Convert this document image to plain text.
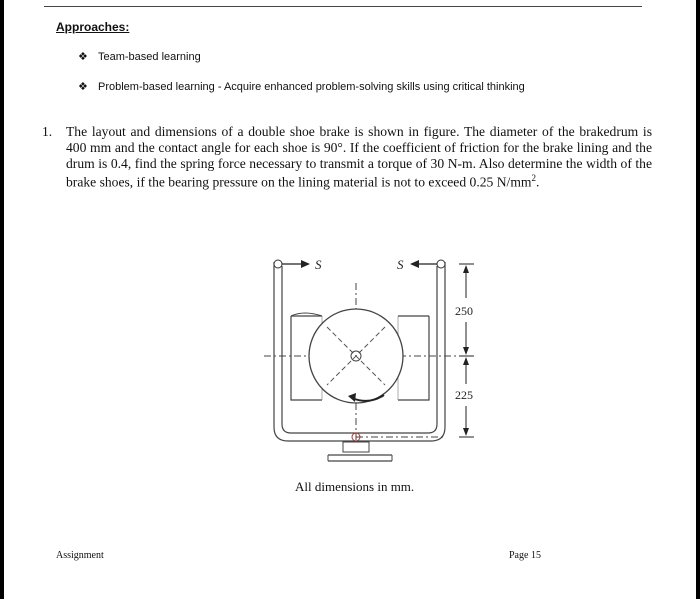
Approaches:
❖ Team-based learning
❖ Problem-based learning - Acquire enhanced problem-solving skills using critical thinking
1. The layout and dimensions of a double shoe brake is shown in figure. The diameter of the brakedrum is 400 mm and the contact angle for each shoe is 90°. If the coefficient of friction for the brake lining and the drum is 0.4, find the spring force necessary to transmit a torque of 30 N-m. Also determine the width of the brake shoes, if the bearing pressure on the lining material is not to exceed 0.25 $N/mm^2$.
S	S
250
225
All dimensions in mm.
Assignment	Page 15
